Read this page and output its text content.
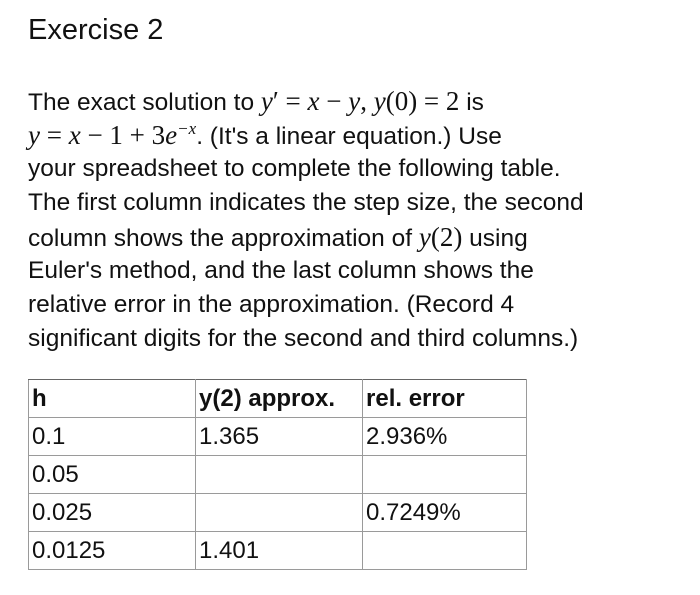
Exercise 2
The exact solution to y′ = x − y, y(0) = 2 is
$y = x - 1 + 3e^{-x}$. (It's a linear equation.) Use
your spreadsheet to complete the following table.
The first column indicates the step size, the second
column shows the approximation of y(2) using
Euler's method, and the last column shows the
relative error in the approximation. (Record 4
significant digits for the second and third columns.)
h	y(2) approx.	rel. error
0.1	1.365	2.936%
0.05		
0.025		0.7249%
0.0125	1.401	
